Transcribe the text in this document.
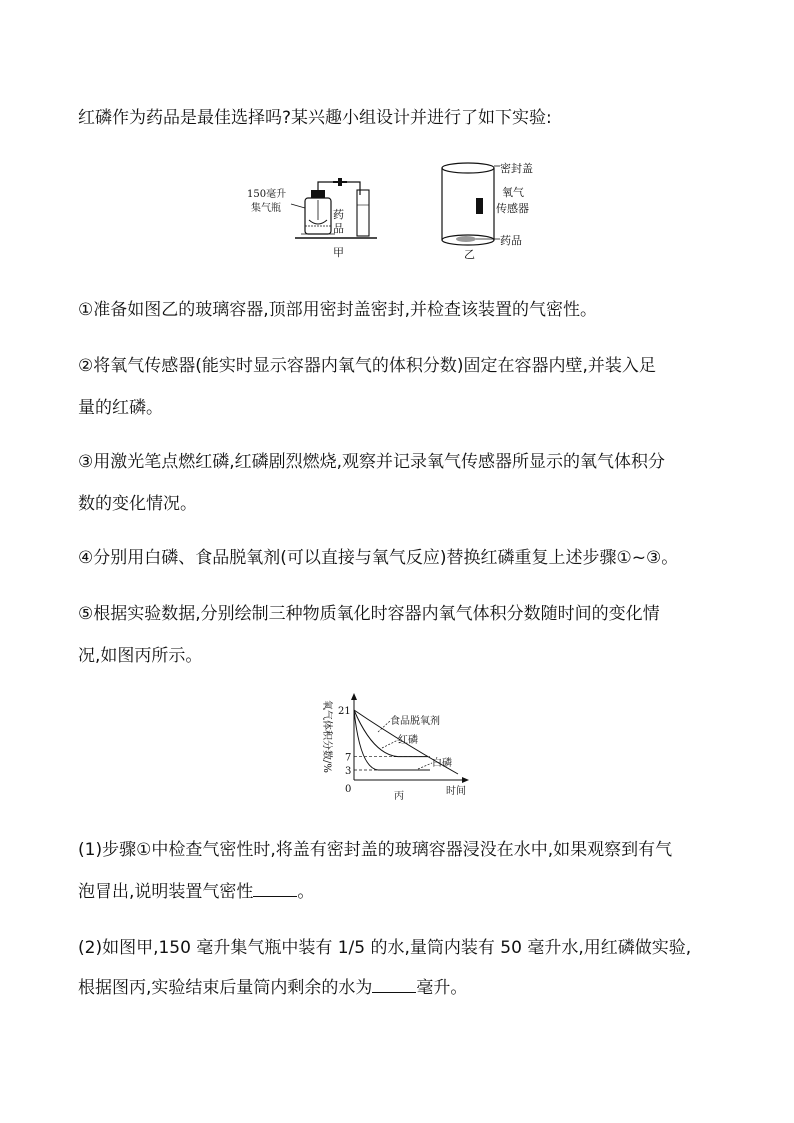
红磷作为药品是最佳选择吗?某兴趣小组设计并进行了如下实验:
150毫升
集气瓶	药
品
甲
密封盖
氧气
传感器
药品
乙
①准备如图乙的玻璃容器,顶部用密封盖密封,并检查该装置的气密性。
②将氧气传感器(能实时显示容器内氧气的体积分数)固定在容器内壁,并装入足
量的红磷。
③用激光笔点燃红磷,红磷剧烈燃烧,观察并记录氧气传感器所显示的氧气体积分
数的变化情况。
④分别用白磷、食品脱氧剂(可以直接与氧气反应)替换红磷重复上述步骤①~③。
⑤根据实验数据,分别绘制三种物质氧化时容器内氧气体积分数随时间的变化情
况,如图丙所示。
氧气体积分数/%
时间
0
丙
21
7
3
食品脱氧剂
红磷
白磷
(1)步骤①中检查气密性时,将盖有密封盖的玻璃容器浸没在水中,如果观察到有气
泡冒出,说明装置气密性	。
(2)如图甲,150 毫升集气瓶中装有 1/5 的水,量筒内装有 50 毫升水,用红磷做实验,
根据图丙,实验结束后量筒内剩余的水为	毫升。
